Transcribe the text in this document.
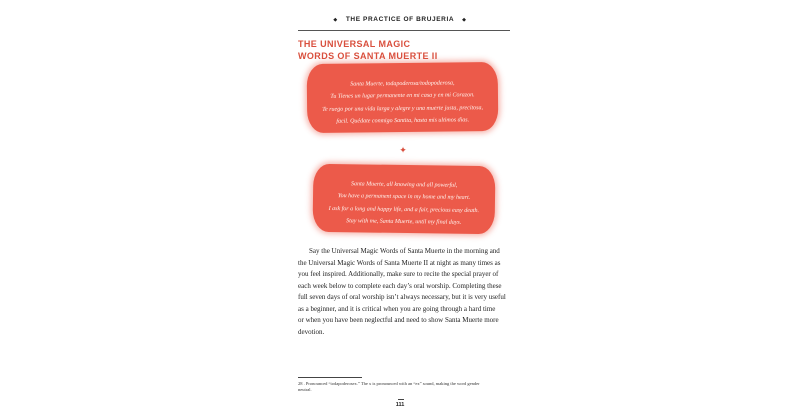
◆ THE PRACTICE OF BRUJERIA ◆
THE UNIVERSAL MAGIC
WORDS OF SANTA MUERTE II
Santa Muerte, todapoderosa/todopoderosa,
Tu Tienes un lugar permanente en mi casa y en mi Corazon.
Te ruego por una vida larga y alegre y una muerte justa, precitosa,
facil. Quédate conmigo Santita, hasta mis ultimos dias.
✦
Santa Muerte, all knowing and all powerful,
You have a permanent space in my home and my heart.
I ask for a long and happy life, and a fair, precious easy death.
Stay with me, Santa Muerte, until my final days.
Say the Universal Magic Words of Santa Muerte in the morning and
the Universal Magic Words of Santa Muerte II at night as many times as
you feel inspired. Additionally, make sure to recite the special prayer of
each week below to complete each day’s oral worship. Completing these
full seven days of oral worship isn’t always necessary, but it is very useful
as a beginner, and it is critical when you are going through a hard time
or when you have been neglectful and need to show Santa Muerte more
devotion.
28 . Pronounced “todapoderosex.” The x is pronounced with an “ex” sound, making the word gender
neutral.
111
